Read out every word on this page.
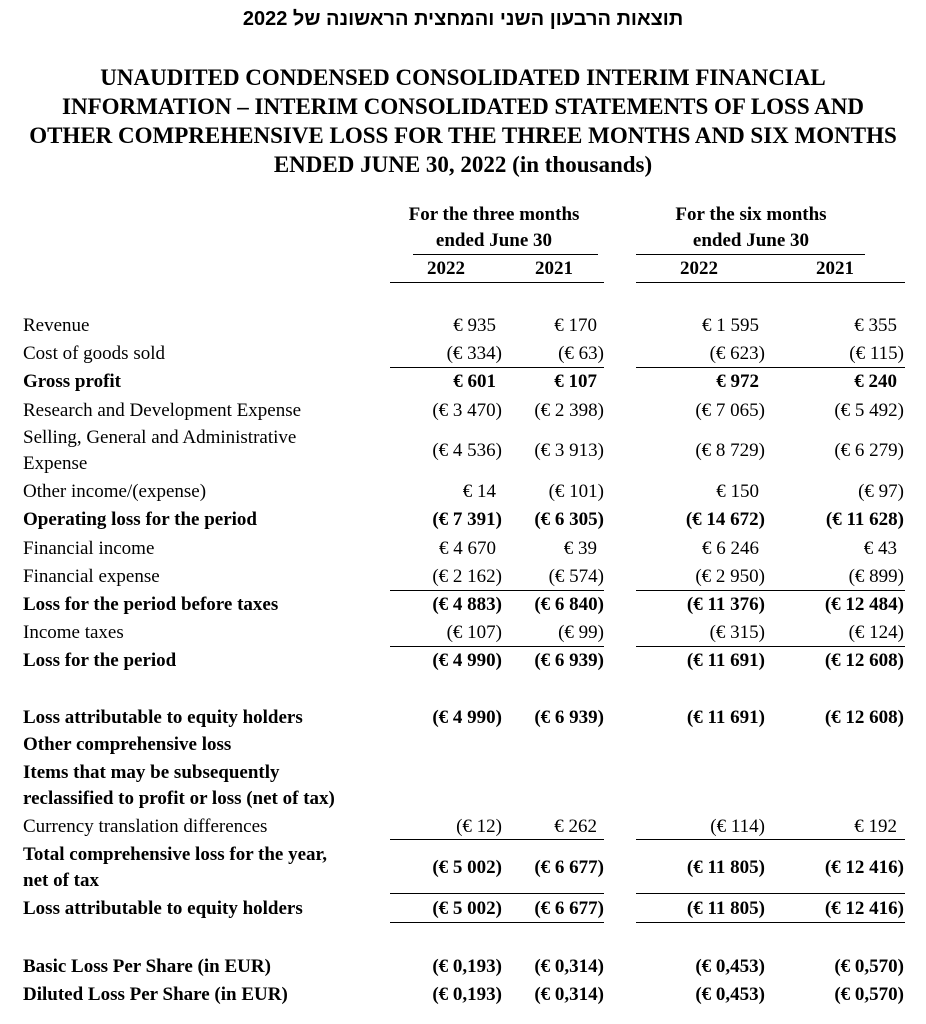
תוצאות הרבעון השני והמחצית הראשונה של 2022
UNAUDITED CONDENSED CONSOLIDATED INTERIM FINANCIAL INFORMATION – INTERIM CONSOLIDATED STATEMENTS OF LOSS AND OTHER COMPREHENSIVE LOSS FOR THE THREE MONTHS AND SIX MONTHS ENDED JUNE 30, 2022 (in thousands)
For the three months
ended June 30
2022	2021
For the six months
ended June 30
2022	2021
Revenue	€ 935	€ 170	€ 1 595	€ 355
Cost of goods sold	(€ 334)	(€ 63)	(€ 623)	(€ 115)
Gross profit	€ 601	€ 107	€ 972	€ 240
Research and Development Expense	(€ 3 470) (€ 2 398)	(€ 7 065)	(€ 5 492)
Selling, General and Administrative
Expense
(€ 4 536) (€ 3 913)	(€ 8 729)	(€ 6 279)
Other income/(expense)	€ 14	(€ 101)	€ 150	(€ 97)
Operating loss for the period	(€ 7 391) (€ 6 305)	(€ 14 672)	(€ 11 628)
Financial income	€ 4 670	€ 39	€ 6 246	€ 43
Financial expense	(€ 2 162) (€ 574)	(€ 2 950)	(€ 899)
Loss for the period before taxes	(€ 4 883) (€ 6 840)	(€ 11 376)	(€ 12 484)
Income taxes	(€ 107)	(€ 99)	(€ 315)	(€ 124)
Loss for the period	(€ 4 990) (€ 6 939)	(€ 11 691)	(€ 12 608)
Loss attributable to equity holders	(€ 4 990) (€ 6 939)	(€ 11 691)	(€ 12 608)
Other comprehensive loss
Items that may be subsequently
reclassified to profit or loss (net of tax)
Currency translation differences	(€ 12)	€ 262	(€ 114)	€ 192
Total comprehensive loss for the year,
net of tax
(€ 5 002) (€ 6 677)	(€ 11 805)	(€ 12 416)
Loss attributable to equity holders	(€ 5 002) (€ 6 677)	(€ 11 805)	(€ 12 416)
Basic Loss Per Share (in EUR)	(€ 0,193) (€ 0,314)	(€ 0,453)	(€ 0,570)
Diluted Loss Per Share (in EUR)	(€ 0,193) (€ 0,314)	(€ 0,453)	(€ 0,570)
